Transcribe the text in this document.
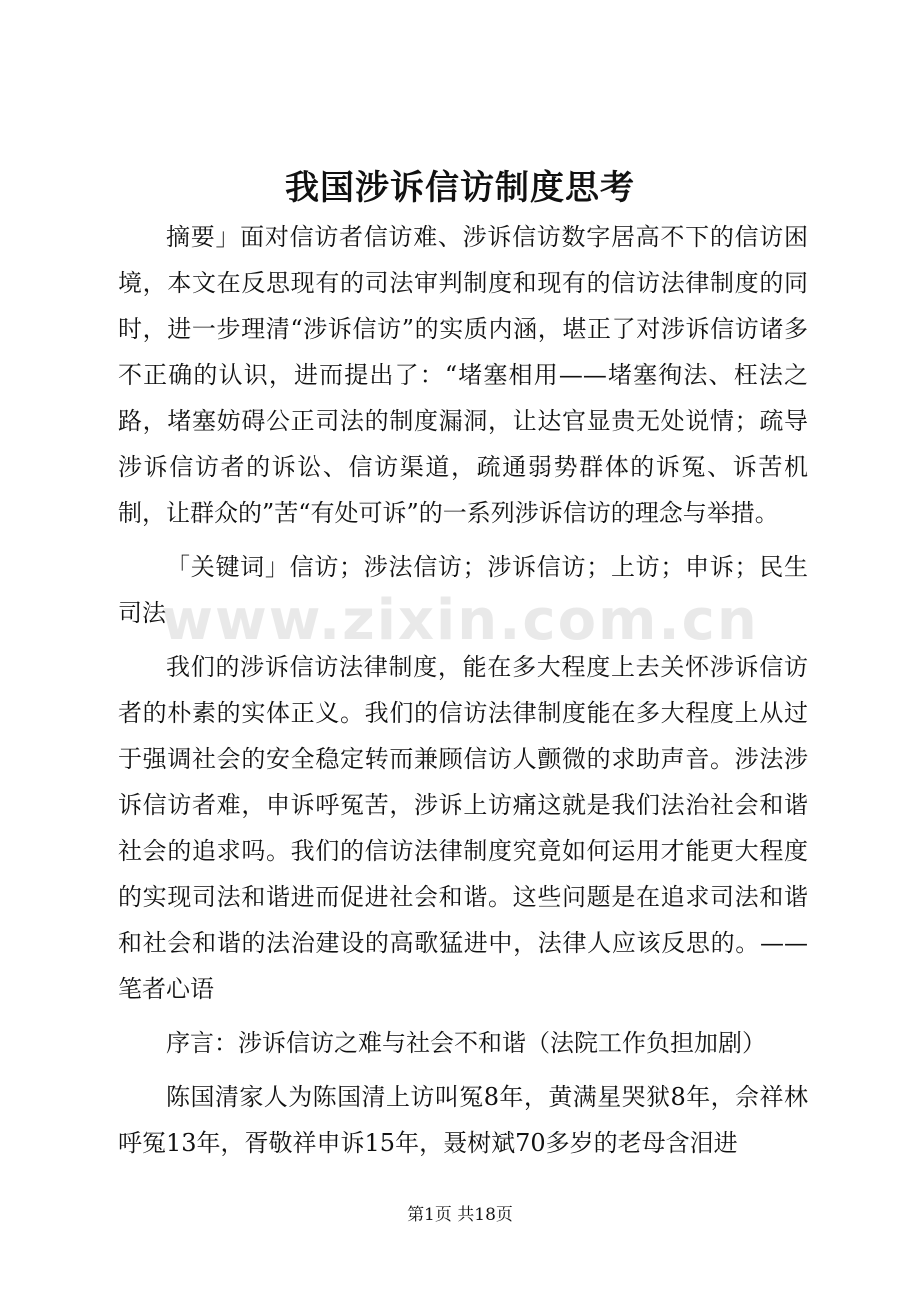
www.zixin.com.cn
我国涉诉信访制度思考

摘要」面对信访者信访难、涉诉信访数字居高不下的信访困境，本文在反思现有的司法审判制度和现有的信访法律制度的同时，进一步理清“涉诉信访”的实质内涵，堪正了对涉诉信访诸多不正确的认识，进而提出了：“堵塞相用——堵塞徇法、枉法之路，堵塞妨碍公正司法的制度漏洞，让达官显贵无处说情；疏导涉诉信访者的诉讼、信访渠道，疏通弱势群体的诉冤、诉苦机制，让群众的”苦“有处可诉”的一系列涉诉信访的理念与举措。

「关键词」信访；涉法信访；涉诉信访；上访；申诉；民生司法

我们的涉诉信访法律制度，能在多大程度上去关怀涉诉信访者的朴素的实体正义。我们的信访法律制度能在多大程度上从过于强调社会的安全稳定转而兼顾信访人颤微的求助声音。涉法涉诉信访者难，申诉呼冤苦，涉诉上访痛这就是我们法治社会和谐社会的追求吗。我们的信访法律制度究竟如何运用才能更大程度的实现司法和谐进而促进社会和谐。这些问题是在追求司法和谐和社会和谐的法治建设的高歌猛进中，法律人应该反思的。——笔者心语

序言：涉诉信访之难与社会不和谐（法院工作负担加剧）

陈国清家人为陈国清上访叫冤8年，黄满星哭狱8年，佘祥林呼冤13年，胥敬祥申诉15年，聂树斌70多岁的老母含泪进

第1页 共18页
